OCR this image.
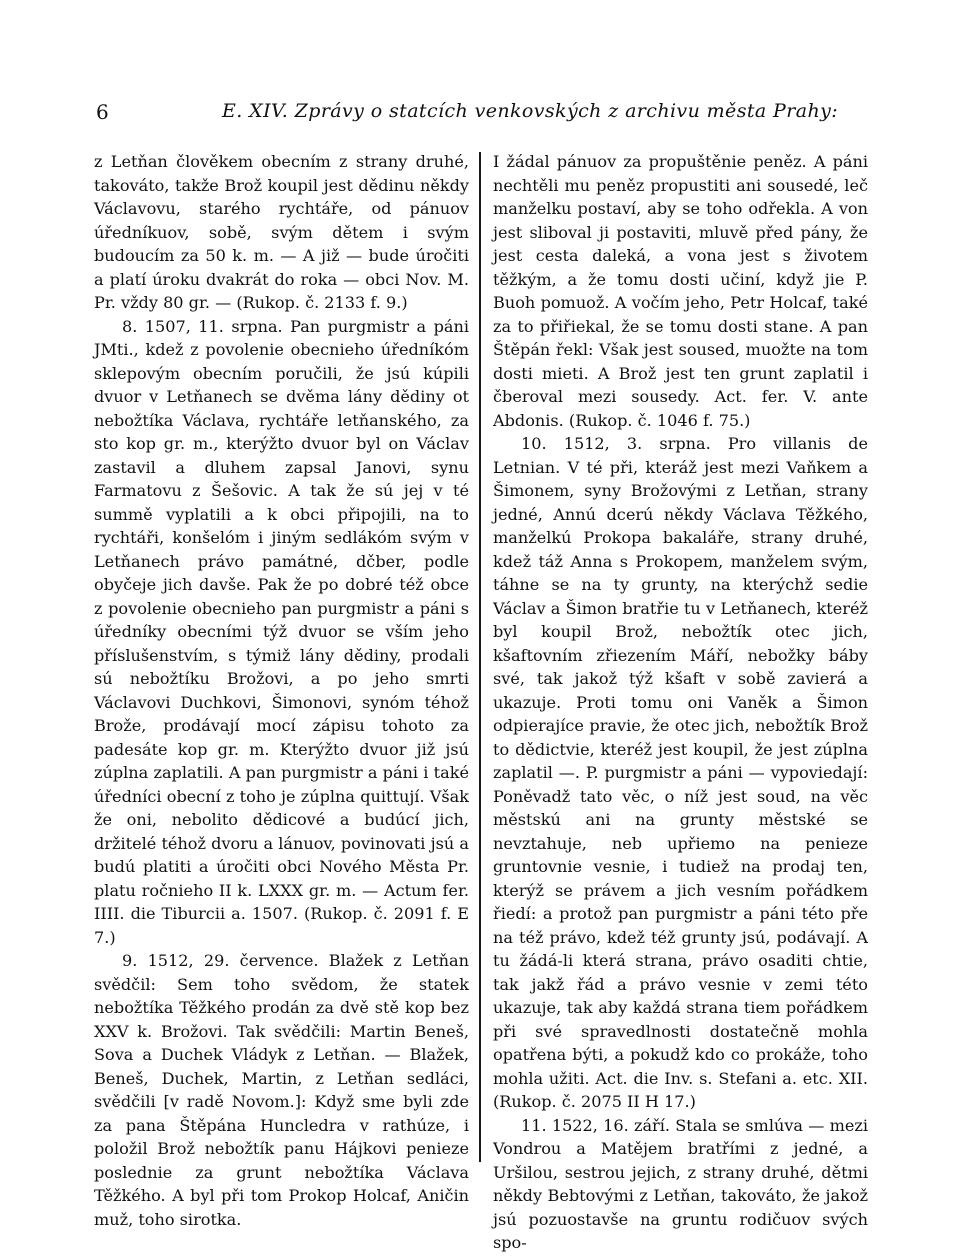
6	E. XIV. Zprávy o statcích venkovských z archivu města Prahy:

z Letňan člověkem obecním z strany druhé, takováto, takže Brož koupil jest dědinu někdy Václavovu, starého rychtáře, od pánuov úředníkuov, sobě, svým dětem i svým budoucím za 50 k. m. — A již — bude úročiti a platí úroku dvakrát do roka — obci Nov. M. Pr. vždy 80 gr. — (Rukop. č. 2133 f. 9.)

8. 1507, 11. srpna. Pan purgmistr a páni JMti., kdež z povolenie obecnieho úředníkóm sklepovým obecním poručili, že jsú kúpili dvuor v Letňanech se dvěma lány dědiny ot nebožtíka Václava, rychtáře letňanského, za sto kop gr. m., kterýžto dvuor byl on Václav zastavil a dluhem zapsal Janovi, synu Farmatovu z Šešovic. A tak že sú jej v té summě vyplatili a k obci připojili, na to rychtáři, konšelóm i jiným sedlákóm svým v Letňanech právo památné, dčber, podle obyčeje jich davše. Pak že po dobré též obce z povolenie obecnieho pan purgmistr a páni s úředníky obecními týž dvuor se vším jeho příslušenstvím, s týmiž lány dědiny, prodali sú nebožtíku Brožovi, a po jeho smrti Václavovi Duchkovi, Šimonovi, synóm téhož Brože, prodávají mocí zápisu tohoto za padesáte kop gr. m. Kterýžto dvuor již jsú zúplna zaplatili. A pan purgmistr a páni i také úředníci obecní z toho je zúplna quittují. Však že oni, nebolito dědicové a budúcí jich, držitelé téhož dvoru a lánuov, povinovati jsú a budú platiti a úročiti obci Nového Města Pr. platu ročnieho II k. LXXX gr. m. — Actum fer. IIII. die Tiburcii a. 1507. (Rukop. č. 2091 f. E 7.)

9. 1512, 29. července. Blažek z Letňan svědčil: Sem toho svědom, že statek nebožtíka Těžkého prodán za dvě stě kop bez XXV k. Brožovi. Tak svědčili: Martin Beneš, Sova a Duchek Vládyk z Letňan. — Blažek, Beneš, Duchek, Martin, z Letňan sedláci, svědčili [v radě Novom.]: Když sme byli zde za pana Štěpána Huncledra v rathúze, i položil Brož nebožtík panu Hájkovi penieze poslednie za grunt nebožtíka Václava Těžkého. A byl při tom Prokop Holcaf, Aničin muž, toho sirotka.

I žádal pánuov za propuštěnie peněz. A páni nechtěli mu peněz propustiti ani sousedé, leč manželku postaví, aby se toho odřekla. A von jest sliboval ji postaviti, mluvě před pány, že jest cesta daleká, a vona jest s životem těžkým, a že tomu dosti učiní, když jie P. Buoh pomuož. A vočím jeho, Petr Holcaf, také za to přiřiekal, že se tomu dosti stane. A pan Štěpán řekl: Však jest soused, muožte na tom dosti mieti. A Brož jest ten grunt zaplatil i čberoval mezi sousedy. Act. fer. V. ante Abdonis. (Rukop. č. 1046 f. 75.)

10. 1512, 3. srpna. Pro villanis de Letnian. V té při, kteráž jest mezi Vaňkem a Šimonem, syny Brožovými z Letňan, strany jedné, Annú dcerú někdy Václava Těžkého, manželkú Prokopa bakaláře, strany druhé, kdež táž Anna s Prokopem, manželem svým, táhne se na ty grunty, na kterýchž sedie Václav a Šimon bratřie tu v Letňanech, kteréž byl koupil Brož, nebožtík otec jich, kšaftovním zřiezením Máří, nebožky báby své, tak jakož týž kšaft v sobě zavierá a ukazuje. Proti tomu oni Vaněk a Šimon odpierajíce pravie, že otec jich, nebožtík Brož to dědictvie, kteréž jest koupil, že jest zúplna zaplatil —. P. purgmistr a páni — vypoviedají: Poněvadž tato věc, o níž jest soud, na věc městskú ani na grunty městské se nevztahuje, neb upřiemo na penieze gruntovnie vesnie, i tudiež na prodaj ten, kterýž se právem a jich vesním pořádkem řiedí: a protož pan purgmistr a páni této pře na též právo, kdež též grunty jsú, podávají. A tu žádá-li která strana, právo osaditi chtie, tak jakž řád a právo vesnie v zemi této ukazuje, tak aby každá strana tiem pořádkem při své spravedlnosti dostatečně mohla opatřena býti, a pokudž kdo co prokáže, toho mohla užiti. Act. die Inv. s. Stefani a. etc. XII. (Rukop. č. 2075 II H 17.)

11. 1522, 16. září. Stala se smlúva — mezi Vondrou a Matějem bratřími z jedné, a Uršilou, sestrou jejich, z strany druhé, dětmi někdy Bebtovými z Letňan, takováto, že jakož jsú pozuostavše na gruntu rodičuov svých spo-
